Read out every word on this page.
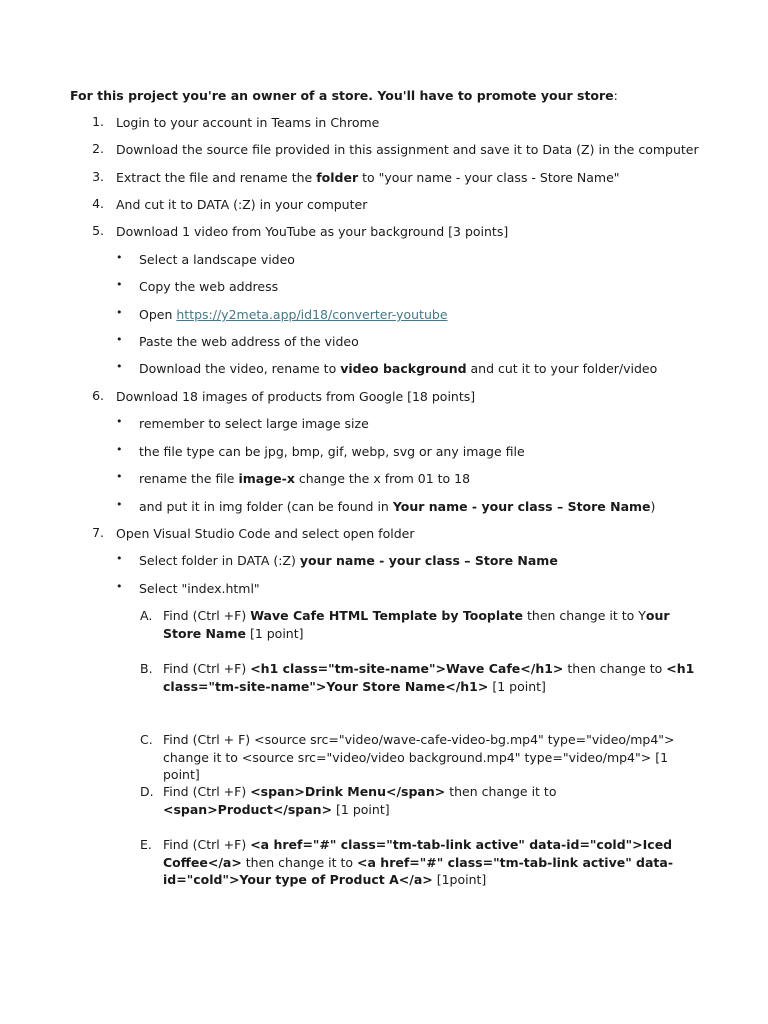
For this project you're an owner of a store. You'll have to promote your store:
1. Login to your account in Teams in Chrome
2. Download the source file provided in this assignment and save it to Data (Z) in the computer
3. Extract the file and rename the folder to "your name - your class - Store Name"
4. And cut it to DATA (:Z) in your computer
5. Download 1 video from YouTube as your background [3 points]
• Select a landscape video
• Copy the web address
• Open https://y2meta.app/id18/converter-youtube
• Paste the web address of the video
• Download the video, rename to video background and cut it to your folder/video
6. Download 18 images of products from Google [18 points]
• remember to select large image size
• the file type can be jpg, bmp, gif, webp, svg or any image file
• rename the file image-x change the x from 01 to 18
• and put it in img folder (can be found in Your name - your class – Store Name)
7. Open Visual Studio Code and select open folder
• Select folder in DATA (:Z) your name - your class – Store Name
• Select "index.html"
A. Find (Ctrl +F) Wave Cafe HTML Template by Tooplate then change it to Your Store Name [1 point]
B. Find (Ctrl +F) <h1 class="tm-site-name">Wave Cafe</h1> then change to <h1 class="tm-site-name">Your Store Name</h1> [1 point]
C. Find (Ctrl + F) <source src="video/wave-cafe-video-bg.mp4" type="video/mp4"> change it to <source src="video/video background.mp4" type="video/mp4"> [1 point]
D. Find (Ctrl +F) <span>Drink Menu</span> then change it to <span>Product</span> [1 point]
E. Find (Ctrl +F) <a href="#" class="tm-tab-link active" data-id="cold">Iced Coffee</a> then change it to <a href="#" class="tm-tab-link active" data-id="cold">Your type of Product A</a> [1point]
